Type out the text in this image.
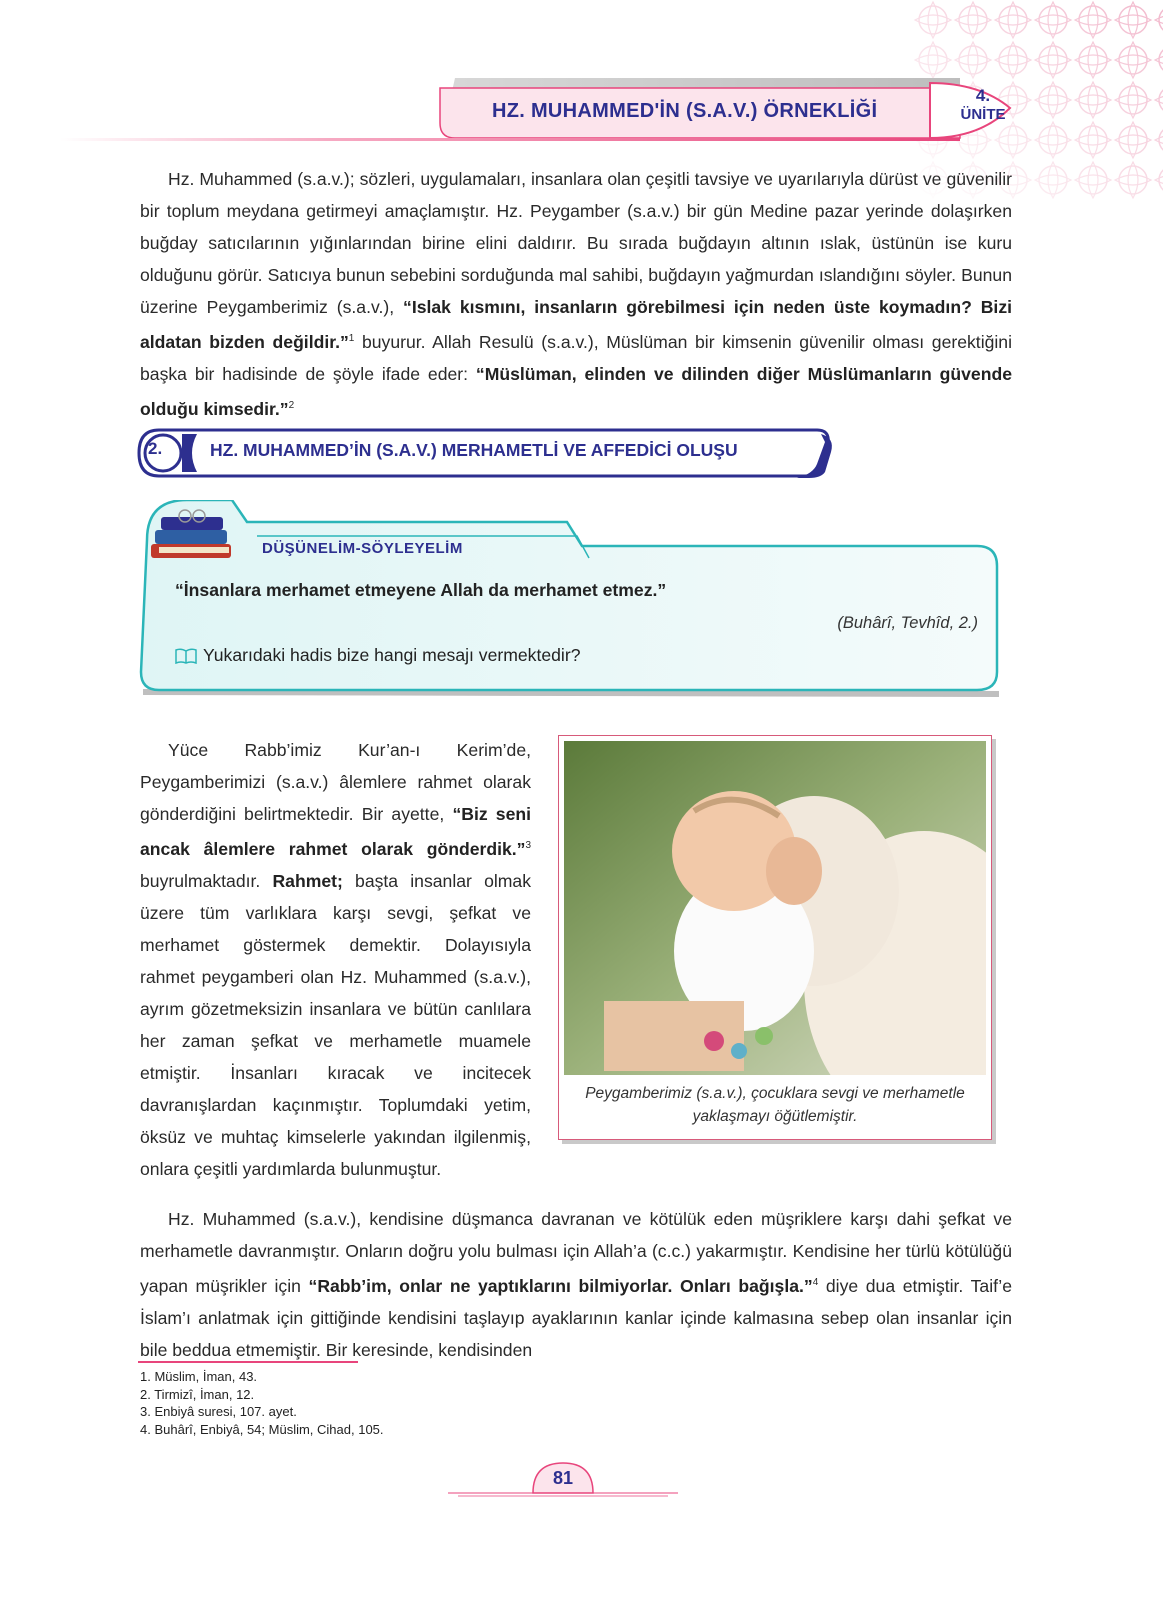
HZ. MUHAMMED'İN (S.A.V.) ÖRNEKLİĞİ
4.
ÜNİTE

Hz. Muhammed (s.a.v.); sözleri, uygulamaları, insanlara olan çeşitli tavsiye ve uyarılarıyla dürüst ve güvenilir bir toplum meydana getirmeyi amaçlamıştır. Hz. Peygamber (s.a.v.) bir gün Medine pazar yerinde dolaşırken buğday satıcılarının yığınlarından birine elini daldırır. Bu sırada buğdayın altının ıslak, üstünün ise kuru olduğunu görür. Satıcıya bunun sebebini sorduğunda mal sahibi, buğdayın yağmurdan ıslandığını söyler. Bunun üzerine Peygamberimiz (s.a.v.), “Islak kısmını, insanların görebilmesi için neden üste koymadın? Bizi aldatan bizden değildir.”$^1$ buyurur. Allah Resulü (s.a.v.), Müslüman bir kimsenin güvenilir olması gerektiğini başka bir hadisinde de şöyle ifade eder: “Müslüman, elinden ve dilinden diğer Müslümanların güvende olduğu kimsedir.”$^2$

2.	HZ. MUHAMMED’İN (S.A.V.) MERHAMETLİ VE AFFEDİCİ OLUŞU
DÜŞÜNELİM-SÖYLEYELİM
“İnsanlara merhamet etmeyene Allah da merhamet etmez.”
(Buhârî, Tevhîd, 2.)
Yukarıdaki hadis bize hangi mesajı vermektedir?

Yüce Rabb’imiz Kur’an-ı Kerim’de, Peygamberimizi (s.a.v.) âlemlere rahmet olarak gönderdiğini belirtmektedir. Bir ayette, “Biz seni ancak âlemlere rahmet olarak gönderdik.”$^3$ buyrulmaktadır. Rahmet; başta insanlar olmak üzere tüm varlıklara karşı sevgi, şefkat ve merhamet göstermek demektir. Dolayısıyla rahmet peygamberi olan Hz. Muhammed (s.a.v.), ayrım gözetmeksizin insanlara ve bütün canlılara her zaman şefkat ve merhametle muamele etmiştir. İnsanları kıracak ve incitecek davranışlardan kaçınmıştır. Toplumdaki yetim, öksüz ve muhtaç kimselerle yakından ilgilenmiş, onlara çeşitli yardımlarda bulunmuştur.

Peygamberimiz (s.a.v.), çocuklara sevgi ve merhametle yaklaşmayı öğütlemiştir.

Hz. Muhammed (s.a.v.), kendisine düşmanca davranan ve kötülük eden müşriklere karşı dahi şefkat ve merhametle davranmıştır. Onların doğru yolu bulması için Allah’a (c.c.) yakarmıştır. Kendisine her türlü kötülüğü yapan müşrikler için “Rabb’im, onlar ne yaptıklarını bilmiyorlar. Onları bağışla.”$^4$ diye dua etmiştir. Taif’e İslam’ı anlatmak için gittiğinde kendisini taşlayıp ayaklarının kanlar içinde kalmasına sebep olan insanlar için bile beddua etmemiştir. Bir keresinde, kendisinden

1. Müslim, İman, 43.
2. Tirmizî, İman, 12.
3. Enbiyâ suresi, 107. ayet.
4. Buhârî, Enbiyâ, 54; Müslim, Cihad, 105.
81
